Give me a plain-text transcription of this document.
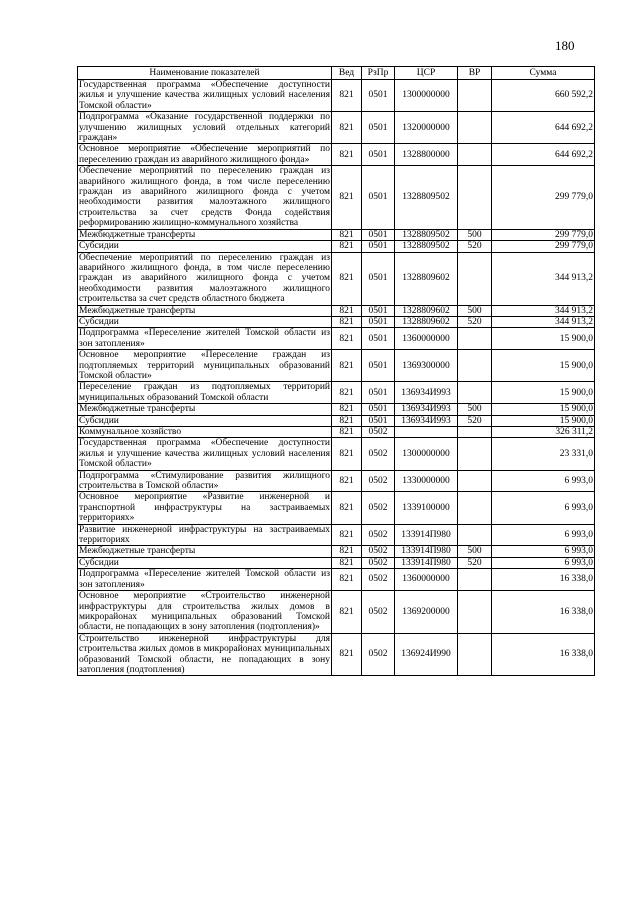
180
Наименование показателей	Вед	РзПр	ЦСР	ВР	Сумма
Государственная программа «Обеспечение доступности жилья и улучшение качества жилищных условий населения Томской области»	821	0501	1300000000		660 592,2
Подпрограмма «Оказание государственной поддержки по улучшению жилищных условий отдельных категорий граждан»	821	0501	1320000000		644 692,2
Основное мероприятие «Обеспечение мероприятий по переселению граждан из аварийного жилищного фонда»	821	0501	1328800000		644 692,2
Обеспечение мероприятий по переселению граждан из аварийного жилищного фонда, в том числе переселению граждан из аварийного жилищного фонда с учетом необходимости развития малоэтажного жилищного строительства за счет средств Фонда содействия реформированию жилищно-коммунального хозяйства	821	0501	1328809502		299 779,0
Межбюджетные трансферты	821	0501	1328809502	500	299 779,0
Субсидии	821	0501	1328809502	520	299 779,0
Обеспечение мероприятий по переселению граждан из аварийного жилищного фонда, в том числе переселению граждан из аварийного жилищного фонда с учетом необходимости развития малоэтажного жилищного строительства за счет средств областного бюджета	821	0501	1328809602		344 913,2
Межбюджетные трансферты	821	0501	1328809602	500	344 913,2
Субсидии	821	0501	1328809602	520	344 913,2
Подпрограмма «Переселение жителей Томской области из зон затопления»	821	0501	1360000000		15 900,0
Основное мероприятие «Переселение граждан из подтопляемых территорий муниципальных образований Томской области»	821	0501	1369300000		15 900,0
Переселение граждан из подтопляемых территорий муниципальных образований Томской области	821	0501	136934И993		15 900,0
Межбюджетные трансферты	821	0501	136934И993	500	15 900,0
Субсидии	821	0501	136934И993	520	15 900,0
Коммунальное хозяйство	821	0502			326 311,2
Государственная программа «Обеспечение доступности жилья и улучшение качества жилищных условий населения Томской области»	821	0502	1300000000		23 331,0
Подпрограмма «Стимулирование развития жилищного строительства в Томской области»	821	0502	1330000000		6 993,0
Основное мероприятие «Развитие инженерной и транспортной инфраструктуры на застраиваемых территориях»	821	0502	1339100000		6 993,0
Развитие инженерной инфраструктуры на застраиваемых территориях	821	0502	133914П980		6 993,0
Межбюджетные трансферты	821	0502	133914П980	500	6 993,0
Субсидии	821	0502	133914П980	520	6 993,0
Подпрограмма «Переселение жителей Томской области из зон затопления»	821	0502	1360000000		16 338,0
Основное мероприятие «Строительство инженерной инфраструктуры для строительства жилых домов в микрорайонах муниципальных образований Томской области, не попадающих в зону затопления (подтопления)»	821	0502	1369200000		16 338,0
Строительство инженерной инфраструктуры для строительства жилых домов в микрорайонах муниципальных образований Томской области, не попадающих в зону затопления (подтопления)	821	0502	136924И990		16 338,0
